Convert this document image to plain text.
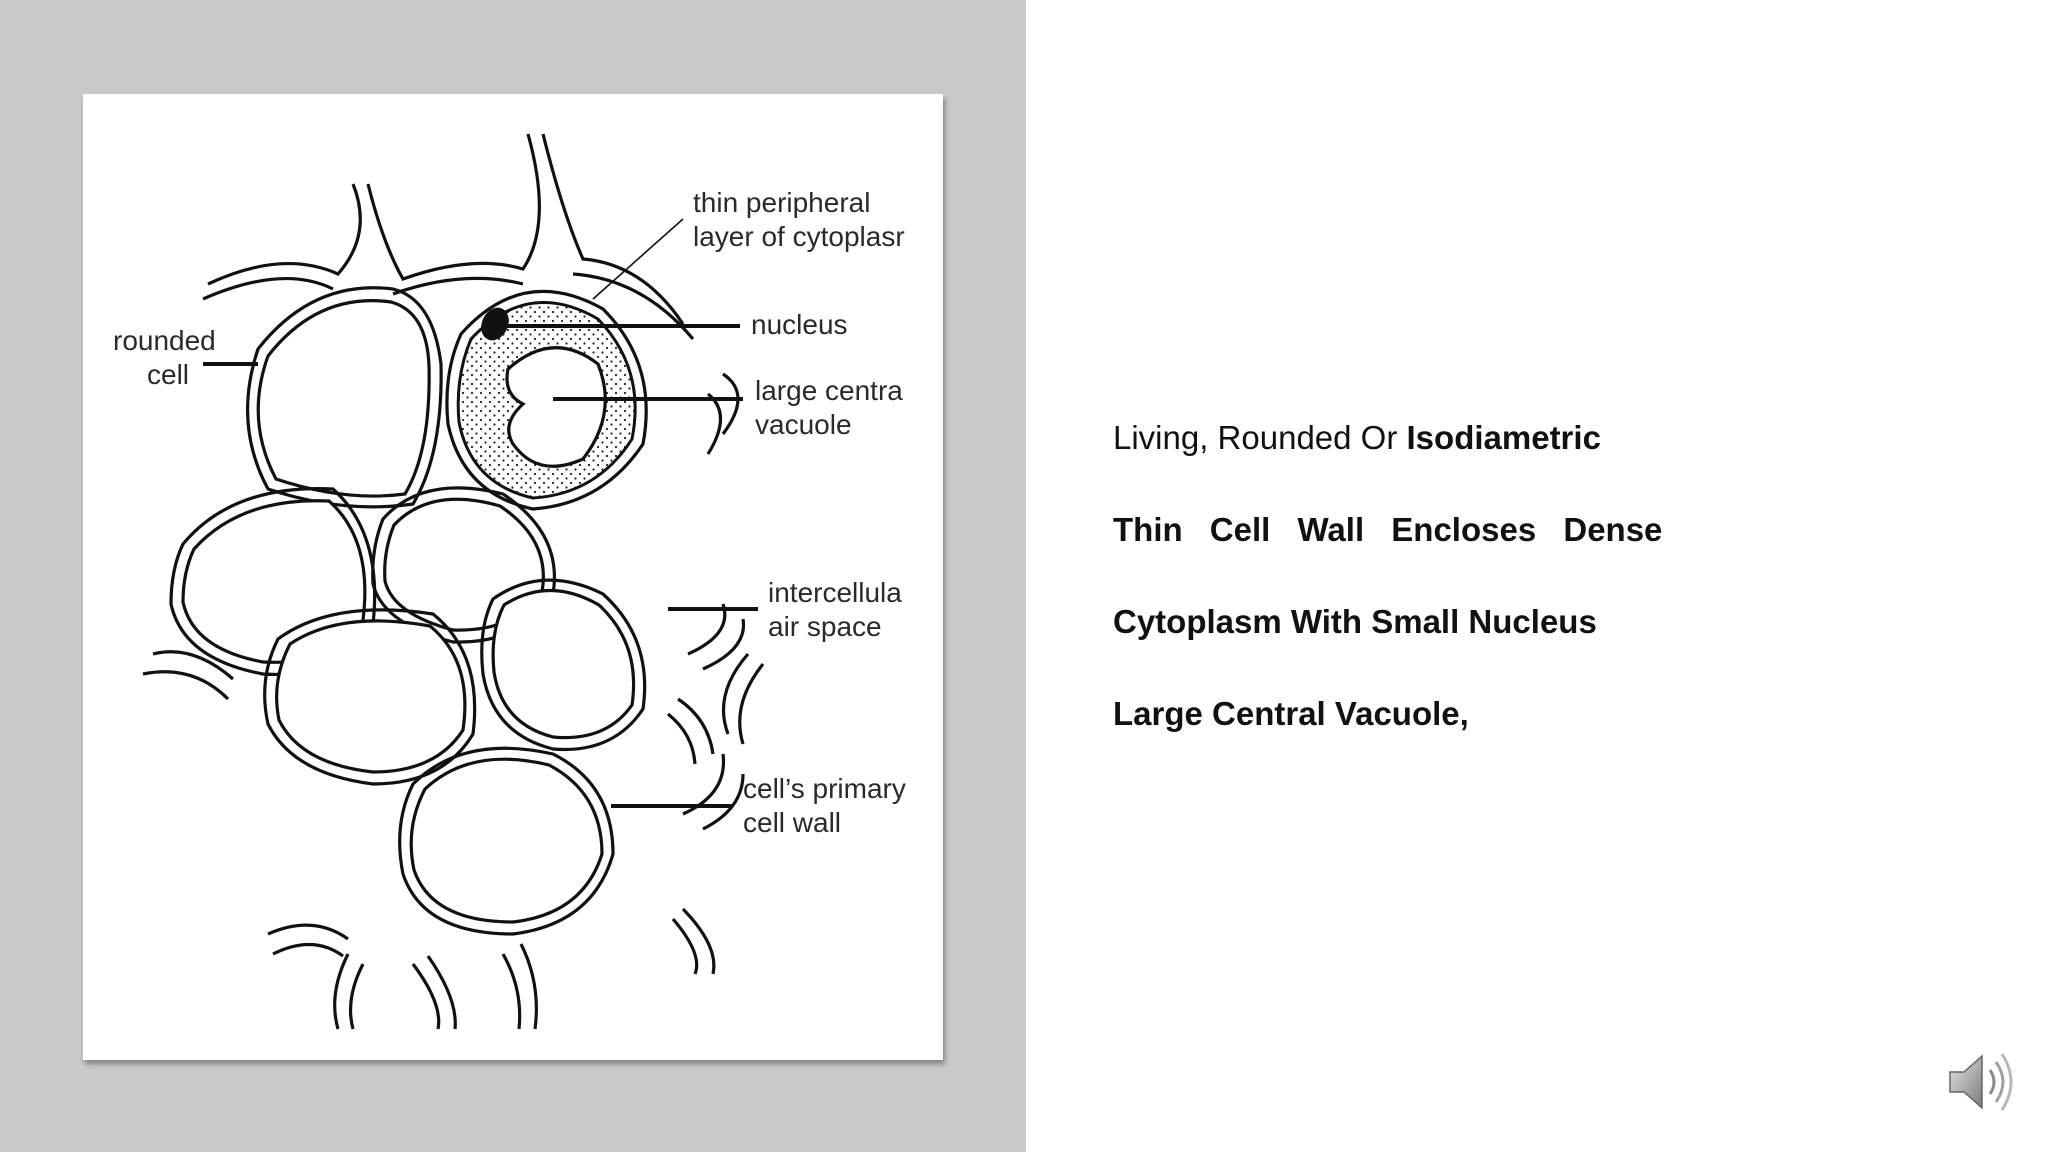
thin peripheral
layer of cytoplasr
nucleus
rounded
cell
large centra
vacuole
intercellula
air space
cell’s primary
cell wall
Living, Rounded Or Isodiametric
Thin Cell Wall Encloses Dense
Cytoplasm With Small Nucleus
Large Central Vacuole,
